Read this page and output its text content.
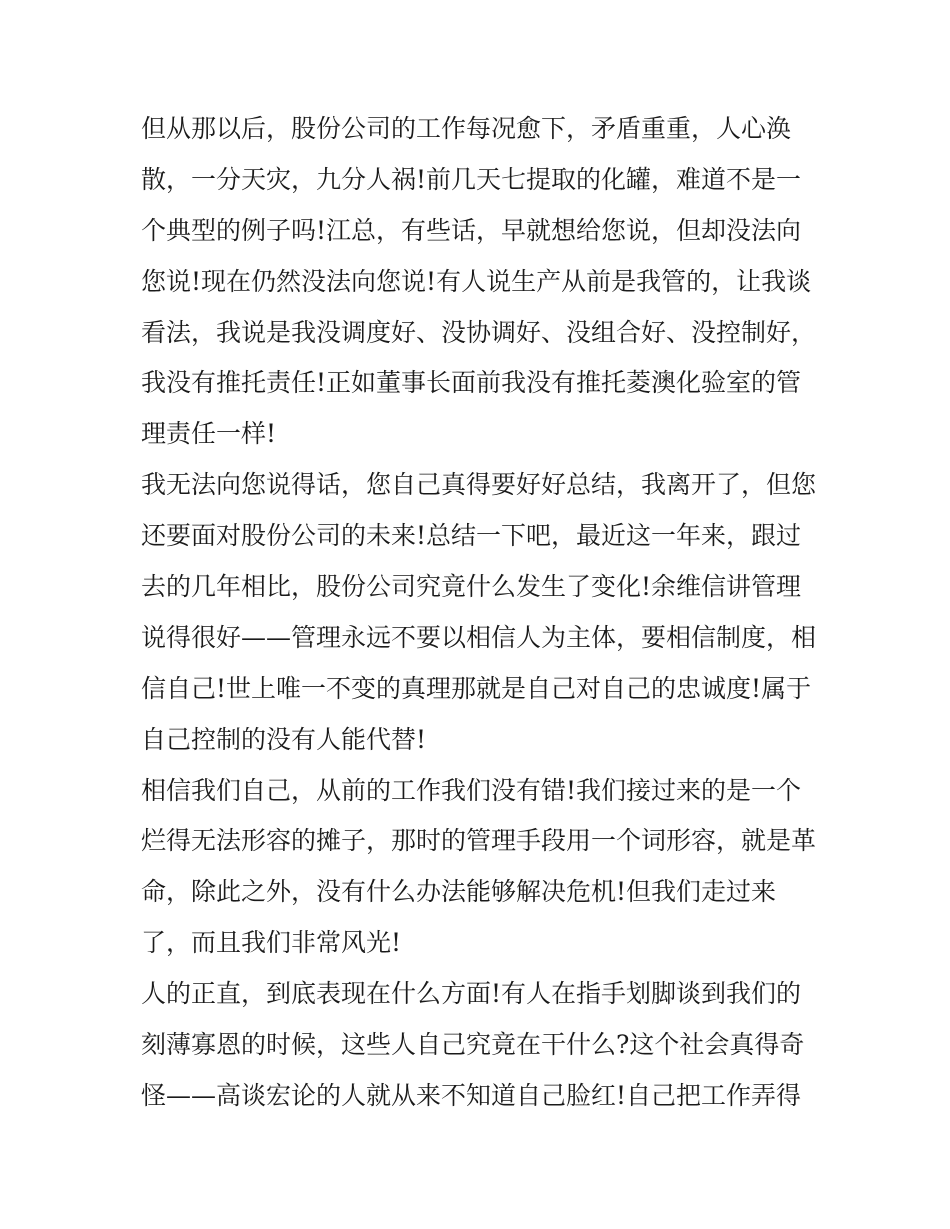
但从那以后，股份公司的工作每况愈下，矛盾重重，人心涣
散，一分天灾，九分人祸!前几天七提取的化罐，难道不是一
个典型的例子吗!江总，有些话，早就想给您说，但却没法向
您说!现在仍然没法向您说!有人说生产从前是我管的，让我谈
看法，我说是我没调度好、没协调好、没组合好、没控制好，
我没有推托责任!正如董事长面前我没有推托菱澳化验室的管
理责任一样!
我无法向您说得话，您自己真得要好好总结，我离开了，但您
还要面对股份公司的未来!总结一下吧，最近这一年来，跟过
去的几年相比，股份公司究竟什么发生了变化!余维信讲管理
说得很好——管理永远不要以相信人为主体，要相信制度，相
信自己!世上唯一不变的真理那就是自己对自己的忠诚度!属于
自己控制的没有人能代替!
相信我们自己，从前的工作我们没有错!我们接过来的是一个
烂得无法形容的摊子，那时的管理手段用一个词形容，就是革
命，除此之外，没有什么办法能够解决危机!但我们走过来
了，而且我们非常风光!
人的正直，到底表现在什么方面!有人在指手划脚谈到我们的
刻薄寡恩的时候，这些人自己究竟在干什么?这个社会真得奇
怪——高谈宏论的人就从来不知道自己脸红!自己把工作弄得
